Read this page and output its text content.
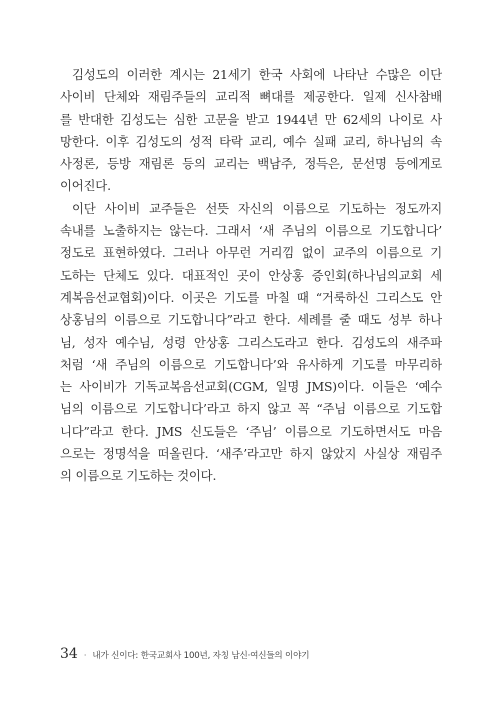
김성도의 이러한 계시는 21세기 한국 사회에 나타난 수많은 이단
사이비 단체와 재림주들의 교리적 뼈대를 제공한다. 일제 신사참배
를 반대한 김성도는 심한 고문을 받고 1944년 만 62세의 나이로 사
망한다. 이후 김성도의 성적 타락 교리, 예수 실패 교리, 하나님의 속
사정론, 등방 재림론 등의 교리는 백남주, 정득은, 문선명 등에게로
이어진다.
이단 사이비 교주들은 선뜻 자신의 이름으로 기도하는 정도까지
속내를 노출하지는 않는다. 그래서 ‘새 주님의 이름으로 기도합니다’
정도로 표현하였다. 그러나 아무런 거리낌 없이 교주의 이름으로 기
도하는 단체도 있다. 대표적인 곳이 안상홍 증인회(하나님의교회 세
계복음선교협회)이다. 이곳은 기도를 마칠 때 “거룩하신 그리스도 안
상홍님의 이름으로 기도합니다”라고 한다. 세례를 줄 때도 성부 하나
님, 성자 예수님, 성령 안상홍 그리스도라고 한다. 김성도의 새주파
처럼 ‘새 주님의 이름으로 기도합니다’와 유사하게 기도를 마무리하
는 사이비가 기독교복음선교회(CGM, 일명 JMS)이다. 이들은 ‘예수
님의 이름으로 기도합니다’라고 하지 않고 꼭 “주님 이름으로 기도합
니다”라고 한다. JMS 신도들은 ‘주님’ 이름으로 기도하면서도 마음
으로는 정명석을 떠올린다. ‘새주’라고만 하지 않았지 사실상 재림주
의 이름으로 기도하는 것이다.
34 · 내가 신이다: 한국교회사 100년, 자칭 남신·여신들의 이야기
